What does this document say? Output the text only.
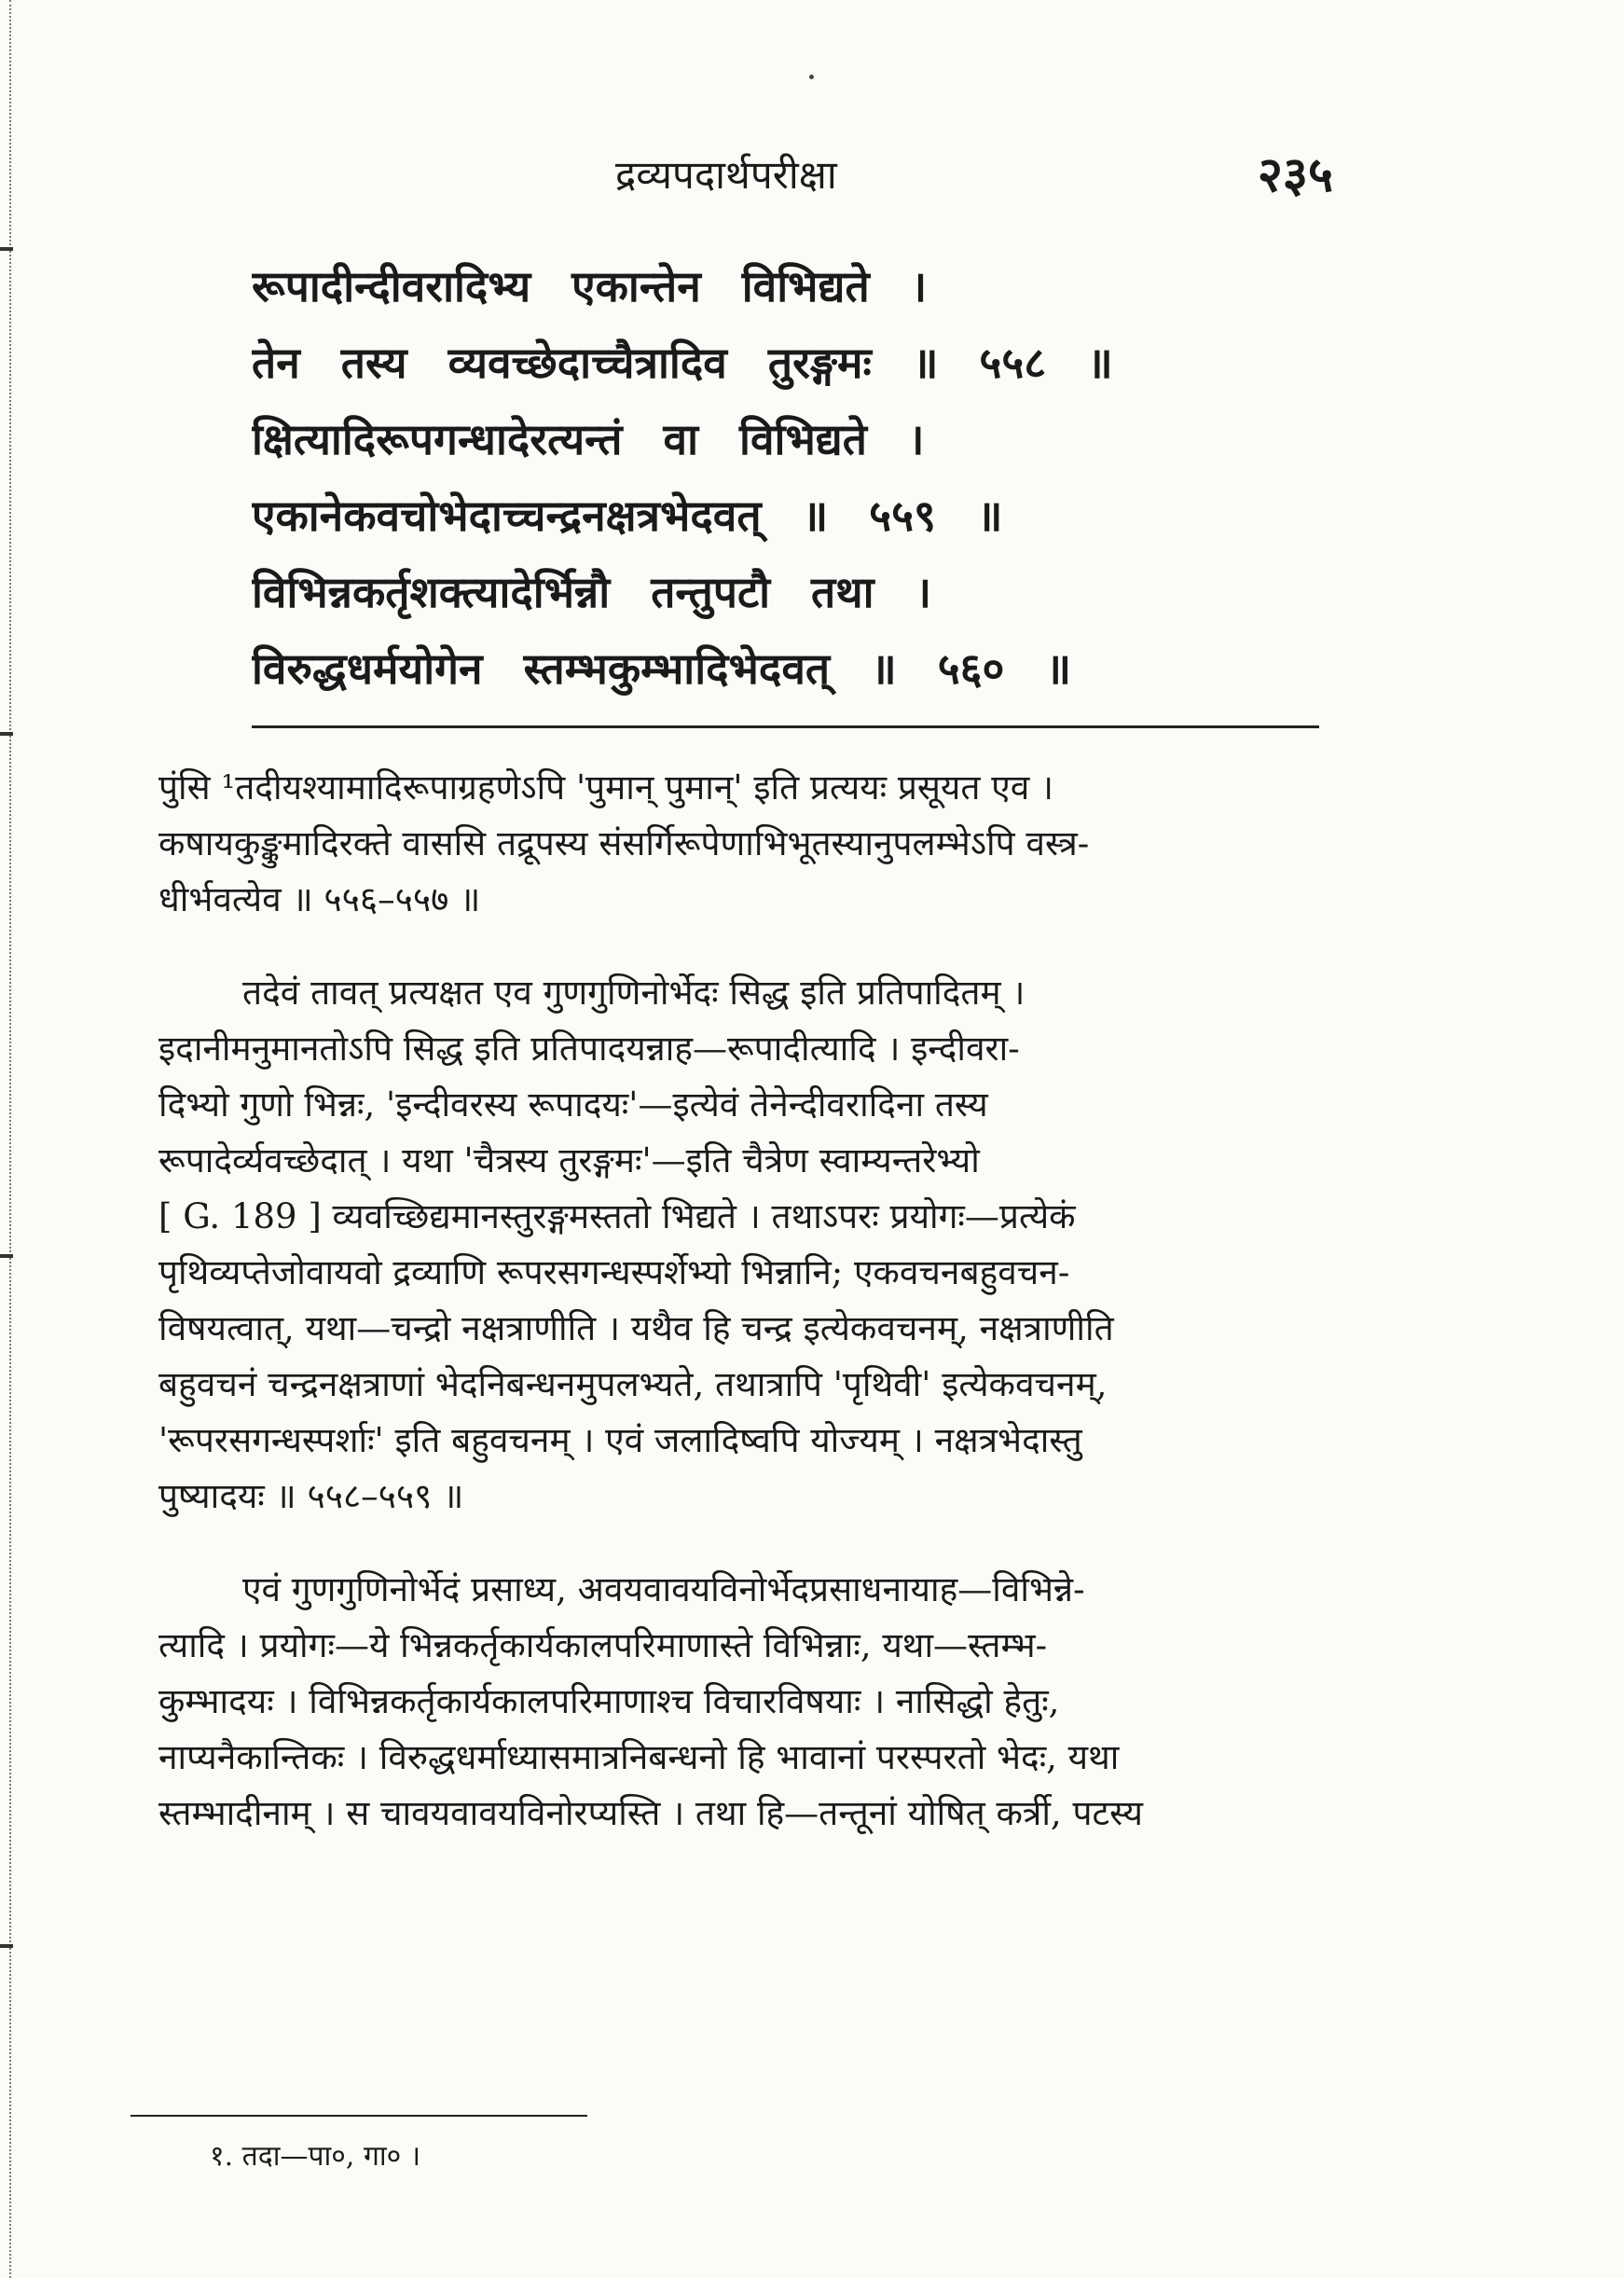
द्रव्यपदार्थपरीक्षा	२३५
रूपादीन्दीवरादिभ्य एकान्तेन विभिद्यते ।
तेन तस्य व्यवच्छेदाच्चैत्रादिव तुरङ्गमः ॥ ५५८ ॥
क्षित्यादिरूपगन्धादेरत्यन्तं वा विभिद्यते ।
एकानेकवचोभेदाच्चन्द्रनक्षत्रभेदवत् ॥ ५५९ ॥
विभिन्नकर्तृशक्त्यादेर्भिन्नौ तन्तुपटौ तथा ।
विरुद्धधर्मयोगेन स्तम्भकुम्भादिभेदवत् ॥ ५६० ॥
पुंसि ¹तदीयश्यामादिरूपाग्रहणेऽपि 'पुमान् पुमान्' इति प्रत्ययः प्रसूयत एव ।
कषायकुङ्कुमादिरक्ते वाससि तद्रूपस्य संसर्गिरूपेणाभिभूतस्यानुपलम्भेऽपि वस्त्र-
धीर्भवत्येव ॥ ५५६–५५७ ॥
तदेवं तावत् प्रत्यक्षत एव गुणगुणिनोर्भेदः सिद्ध इति प्रतिपादितम् ।
इदानीमनुमानतोऽपि सिद्ध इति प्रतिपादयन्नाह—रूपादीत्यादि । इन्दीवरा-
दिभ्यो गुणो भिन्नः, 'इन्दीवरस्य रूपादयः'—इत्येवं तेनेन्दीवरादिना तस्य
रूपादेर्व्यवच्छेदात् । यथा 'चैत्रस्य तुरङ्गमः'—इति चैत्रेण स्वाम्यन्तरेभ्यो
[ G. 189 ] व्यवच्छिद्यमानस्तुरङ्गमस्ततो भिद्यते । तथाऽपरः प्रयोगः—प्रत्येकं
पृथिव्यप्तेजोवायवो द्रव्याणि रूपरसगन्धस्पर्शेभ्यो भिन्नानि; एकवचनबहुवचन-
विषयत्वात्, यथा—चन्द्रो नक्षत्राणीति । यथैव हि चन्द्र इत्येकवचनम्, नक्षत्राणीति
बहुवचनं चन्द्रनक्षत्राणां भेदनिबन्धनमुपलभ्यते, तथात्रापि 'पृथिवी' इत्येकवचनम्,
'रूपरसगन्धस्पर्शाः' इति बहुवचनम् । एवं जलादिष्वपि योज्यम् । नक्षत्रभेदास्तु
पुष्यादयः ॥ ५५८–५५९ ॥
एवं गुणगुणिनोर्भेदं प्रसाध्य, अवयवावयविनोर्भेदप्रसाधनायाह—विभिन्ने-
त्यादि । प्रयोगः—ये भिन्नकर्तृकार्यकालपरिमाणास्ते विभिन्नाः, यथा—स्तम्भ-
कुम्भादयः । विभिन्नकर्तृकार्यकालपरिमाणाश्च विचारविषयाः । नासिद्धो हेतुः,
नाप्यनैकान्तिकः । विरुद्धधर्माध्यासमात्रनिबन्धनो हि भावानां परस्परतो भेदः, यथा
स्तम्भादीनाम् । स चावयवावयविनोरप्यस्ति । तथा हि—तन्तूनां योषित् कर्त्री, पटस्य
१. तदा—पा०, गा० ।
